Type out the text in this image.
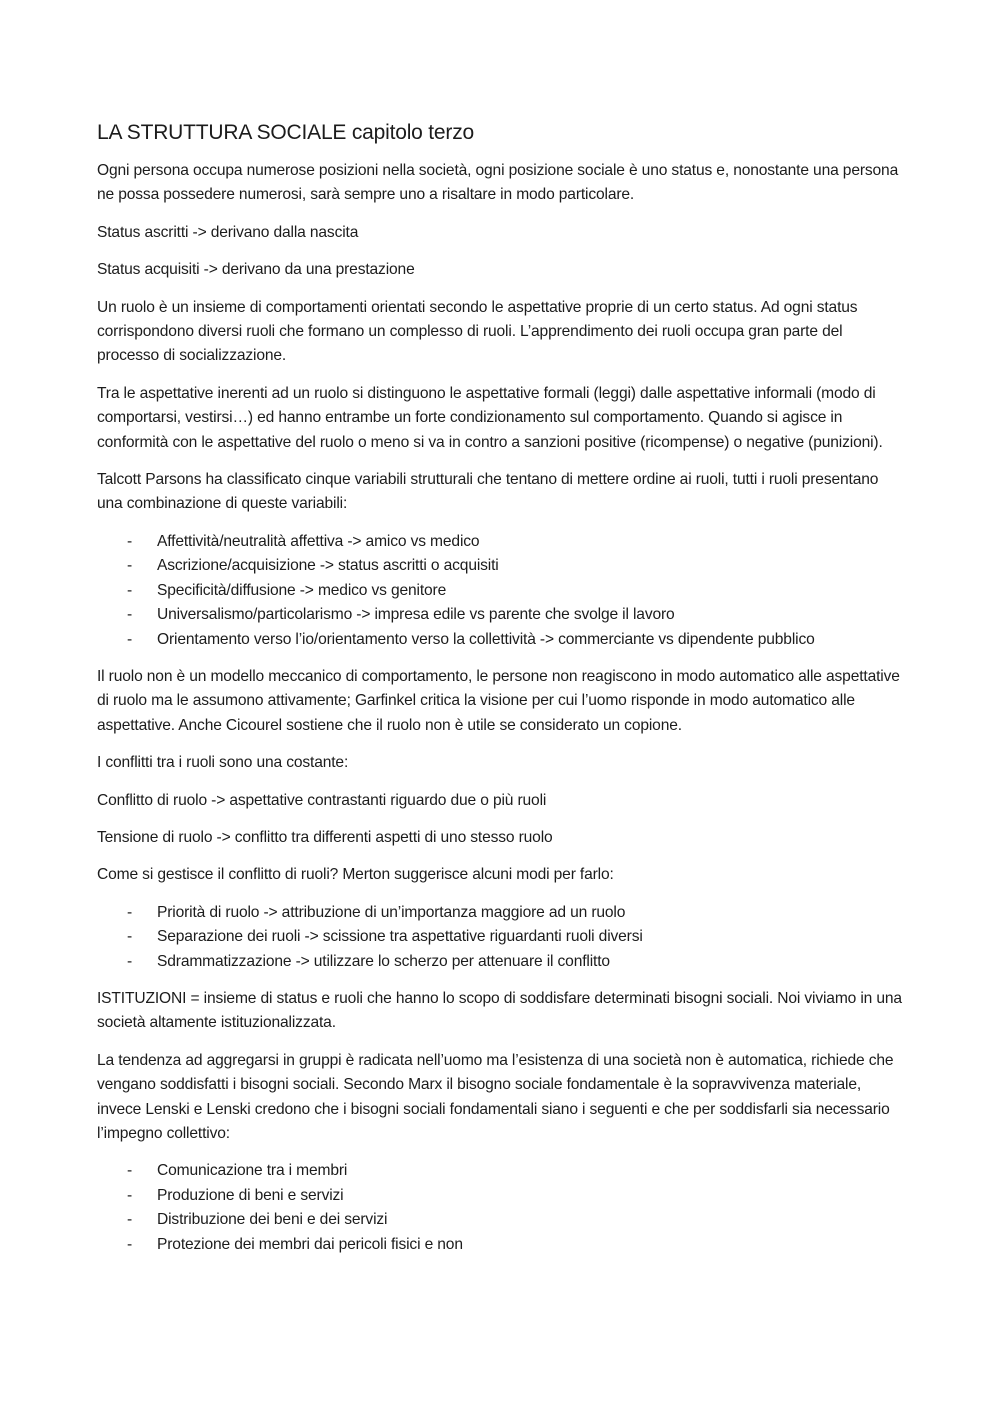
LA STRUTTURA SOCIALE capitolo terzo

Ogni persona occupa numerose posizioni nella società, ogni posizione sociale è uno status e, nonostante una persona ne possa possedere numerosi, sarà sempre uno a risaltare in modo particolare.

Status ascritti -> derivano dalla nascita

Status acquisiti -> derivano da una prestazione

Un ruolo è un insieme di comportamenti orientati secondo le aspettative proprie di un certo status. Ad ogni status corrispondono diversi ruoli che formano un complesso di ruoli. L’apprendimento dei ruoli occupa gran parte del processo di socializzazione.

Tra le aspettative inerenti ad un ruolo si distinguono le aspettative formali (leggi) dalle aspettative informali (modo di comportarsi, vestirsi…) ed hanno entrambe un forte condizionamento sul comportamento. Quando si agisce in conformità con le aspettative del ruolo o meno si va in contro a sanzioni positive (ricompense) o negative (punizioni).

Talcott Parsons ha classificato cinque variabili strutturali che tentano di mettere ordine ai ruoli, tutti i ruoli presentano una combinazione di queste variabili:

- Affettività/neutralità affettiva -> amico vs medico
- Ascrizione/acquisizione -> status ascritti o acquisiti
- Specificità/diffusione -> medico vs genitore
- Universalismo/particolarismo -> impresa edile vs parente che svolge il lavoro
- Orientamento verso l’io/orientamento verso la collettività -> commerciante vs dipendente pubblico

Il ruolo non è un modello meccanico di comportamento, le persone non reagiscono in modo automatico alle aspettative di ruolo ma le assumono attivamente; Garfinkel critica la visione per cui l’uomo risponde in modo automatico alle aspettative. Anche Cicourel sostiene che il ruolo non è utile se considerato un copione.

I conflitti tra i ruoli sono una costante:

Conflitto di ruolo -> aspettative contrastanti riguardo due o più ruoli

Tensione di ruolo -> conflitto tra differenti aspetti di uno stesso ruolo

Come si gestisce il conflitto di ruoli? Merton suggerisce alcuni modi per farlo:

- Priorità di ruolo -> attribuzione di un’importanza maggiore ad un ruolo
- Separazione dei ruoli -> scissione tra aspettative riguardanti ruoli diversi
- Sdrammatizzazione -> utilizzare lo scherzo per attenuare il conflitto

ISTITUZIONI = insieme di status e ruoli che hanno lo scopo di soddisfare determinati bisogni sociali. Noi viviamo in una società altamente istituzionalizzata.

La tendenza ad aggregarsi in gruppi è radicata nell’uomo ma l’esistenza di una società non è automatica, richiede che vengano soddisfatti i bisogni sociali. Secondo Marx il bisogno sociale fondamentale è la sopravvivenza materiale, invece Lenski e Lenski credono che i bisogni sociali fondamentali siano i seguenti e che per soddisfarli sia necessario l’impegno collettivo:

- Comunicazione tra i membri
- Produzione di beni e servizi
- Distribuzione dei beni e dei servizi
- Protezione dei membri dai pericoli fisici e non
